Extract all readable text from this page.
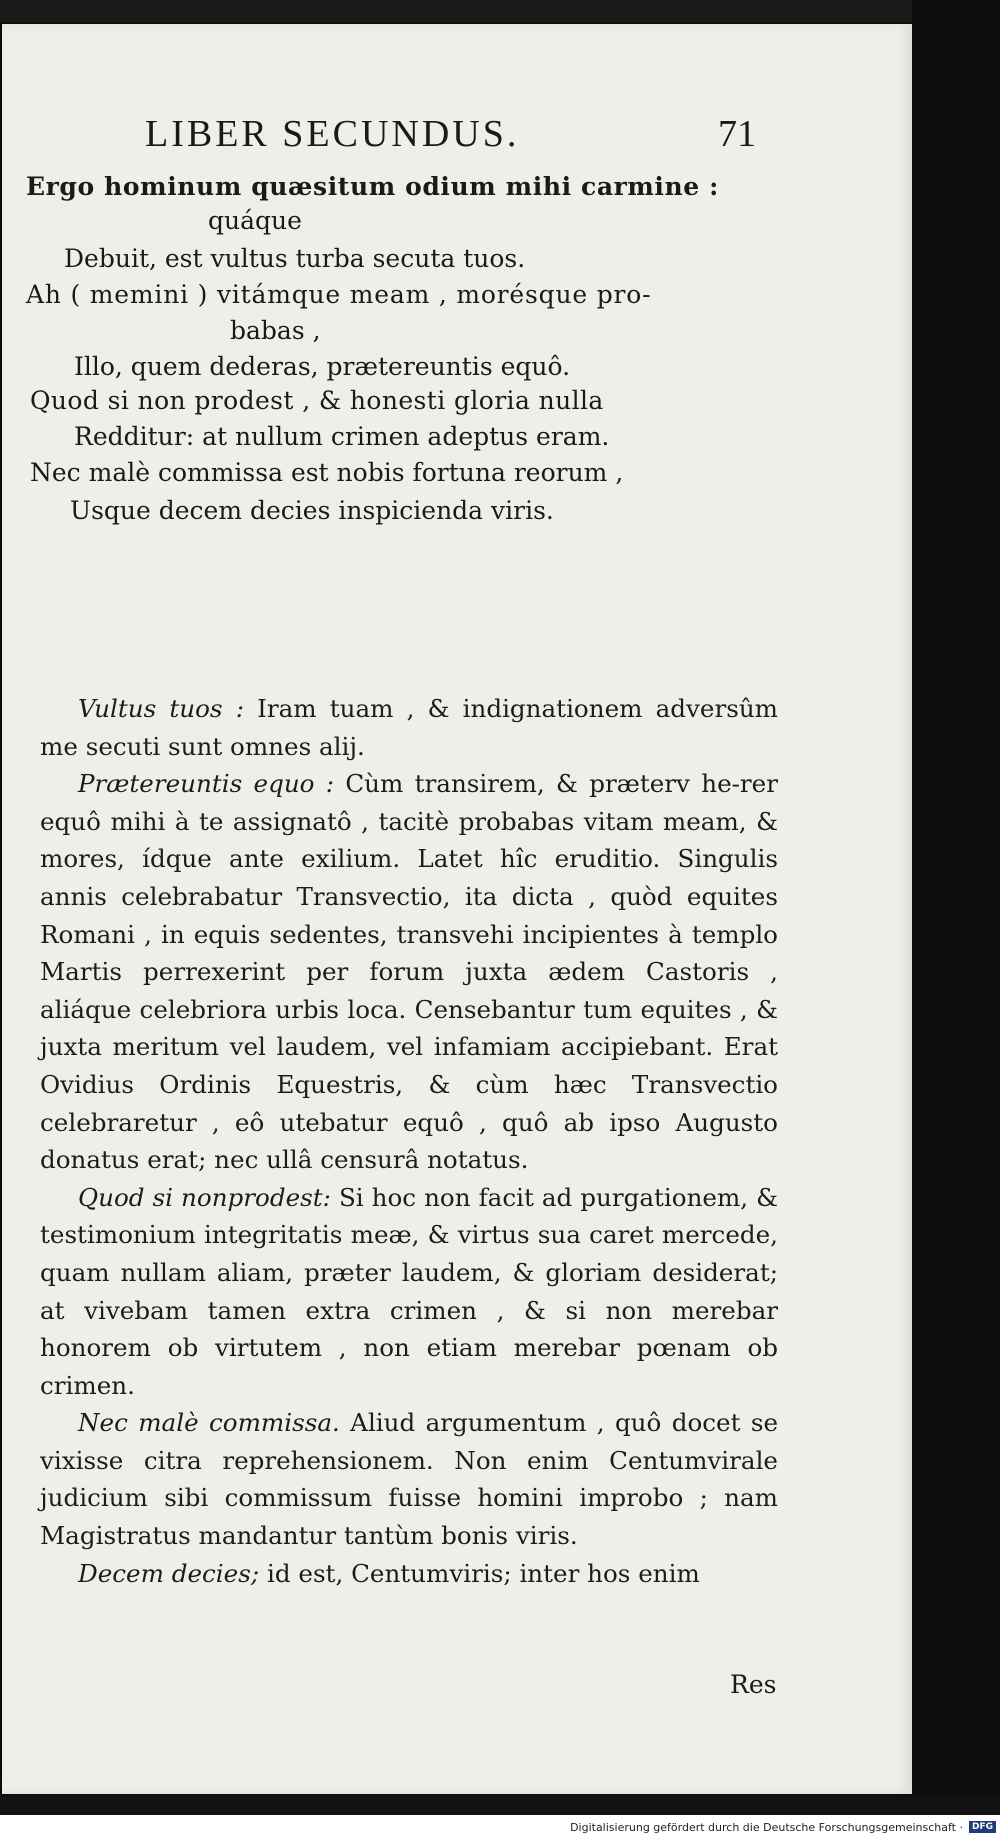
LIBER SECUNDUS.	71
Ergo hominum quæsitum odium mihi carmine :
quáque
Debuit, est vultus turba secuta tuos.
Ah ( memini ) vitámque meam , morésque pro-
babas ,
Illo, quem dederas, prætereuntis equô.
Quod si non prodest , & honesti gloria nulla
Redditur: at nullum crimen adeptus eram.
Nec malè commissa est nobis fortuna reorum ,
Usque decem decies inspicienda viris.

Vultus tuos : Iram tuam , & indignationem adversûm me secuti sunt omnes alij.

Prætereuntis equo : Cùm transirem, & præterv he-rer equô mihi à te assignatô , tacitè probabas vitam meam, & mores, ídque ante exilium. Latet hîc eruditio. Singulis annis celebrabatur Transvectio, ita dicta , quòd equites Romani , in equis sedentes, transvehi incipientes à templo Martis perrexerint per forum juxta ædem Castoris , aliáque celebriora urbis loca. Censebantur tum equites , & juxta meritum vel laudem, vel infamiam accipiebant. Erat Ovidius Ordinis Equestris, & cùm hæc Transvectio celebraretur , eô utebatur equô , quô ab ipso Augusto donatus erat; nec ullâ censurâ notatus.

Quod si nonprodest: Si hoc non facit ad purgationem, & testimonium integritatis meæ, & virtus sua caret mercede, quam nullam aliam, præter laudem, & gloriam desiderat; at vivebam tamen extra crimen , & si non merebar honorem ob virtutem , non etiam merebar pœnam ob crimen.

Nec malè commissa. Aliud argumentum , quô docet se vixisse citra reprehensionem. Non enim Centumvirale judicium sibi commissum fuisse homini improbo ; nam Magistratus mandantur tantùm bonis viris.

Decem decies; id est, Centumviris; inter hos enim

Res
Digitalisierung gefördert durch die Deutsche Forschungsgemeinschaft ·	DFG
